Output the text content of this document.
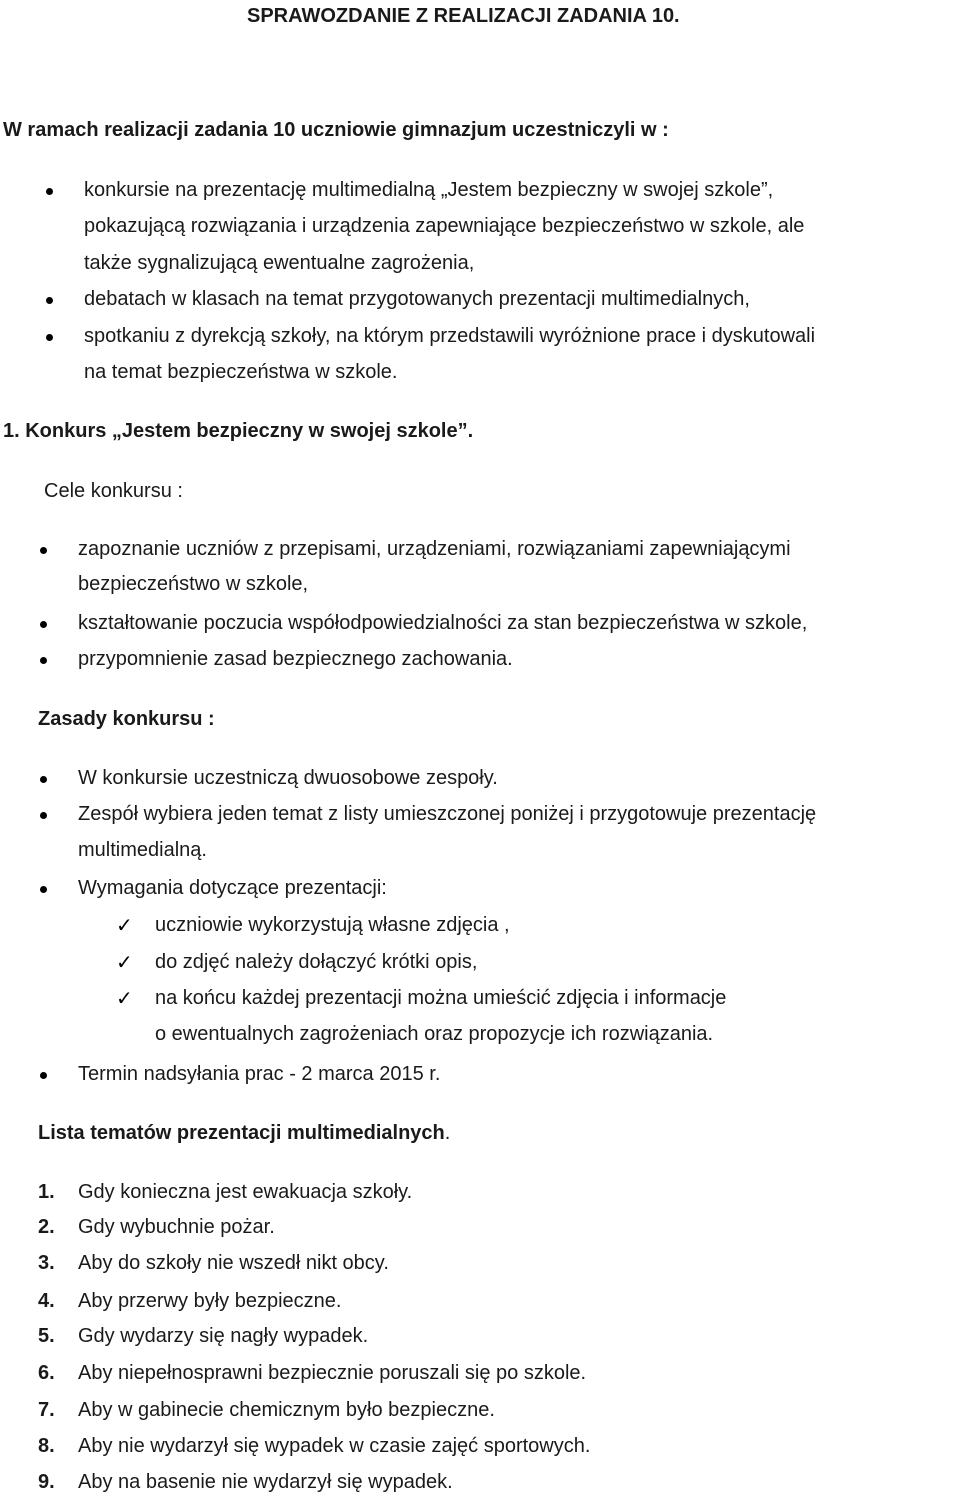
SPRAWOZDANIE Z REALIZACJI ZADANIA 10.
W ramach realizacji zadania 10 uczniowie gimnazjum uczestniczyli w :
konkursie na prezentację multimedialną „Jestem bezpieczny w swojej szkole”,
pokazującą rozwiązania i urządzenia zapewniające bezpieczeństwo w szkole, ale
także sygnalizującą ewentualne zagrożenia,
debatach w klasach na temat przygotowanych prezentacji multimedialnych,
spotkaniu z dyrekcją szkoły, na którym przedstawili wyróżnione prace i dyskutowali
na temat bezpieczeństwa w szkole.
1. Konkurs „Jestem bezpieczny w swojej szkole”.
Cele konkursu :
zapoznanie uczniów z przepisami, urządzeniami, rozwiązaniami zapewniającymi
bezpieczeństwo w szkole,
kształtowanie poczucia współodpowiedzialności za stan bezpieczeństwa w szkole,
przypomnienie zasad bezpiecznego zachowania.
Zasady konkursu :
W konkursie uczestniczą dwuosobowe zespoły.
Zespół wybiera jeden temat z listy umieszczonej poniżej i przygotowuje prezentację
multimedialną.
Wymagania dotyczące prezentacji:
✓ uczniowie wykorzystują własne zdjęcia ,
✓ do zdjęć należy dołączyć krótki opis,
✓ na końcu każdej prezentacji można umieścić zdjęcia i informacje
o ewentualnych zagrożeniach oraz propozycje ich rozwiązania.
Termin nadsyłania prac - 2 marca 2015 r.
Lista tematów prezentacji multimedialnych.
1. Gdy konieczna jest ewakuacja szkoły.
2. Gdy wybuchnie pożar.
3. Aby do szkoły nie wszedł nikt obcy.
4. Aby przerwy były bezpieczne.
5. Gdy wydarzy się nagły wypadek.
6. Aby niepełnosprawni bezpiecznie poruszali się po szkole.
7. Aby w gabinecie chemicznym było bezpieczne.
8. Aby nie wydarzył się wypadek w czasie zajęć sportowych.
9. Aby na basenie nie wydarzył się wypadek.
